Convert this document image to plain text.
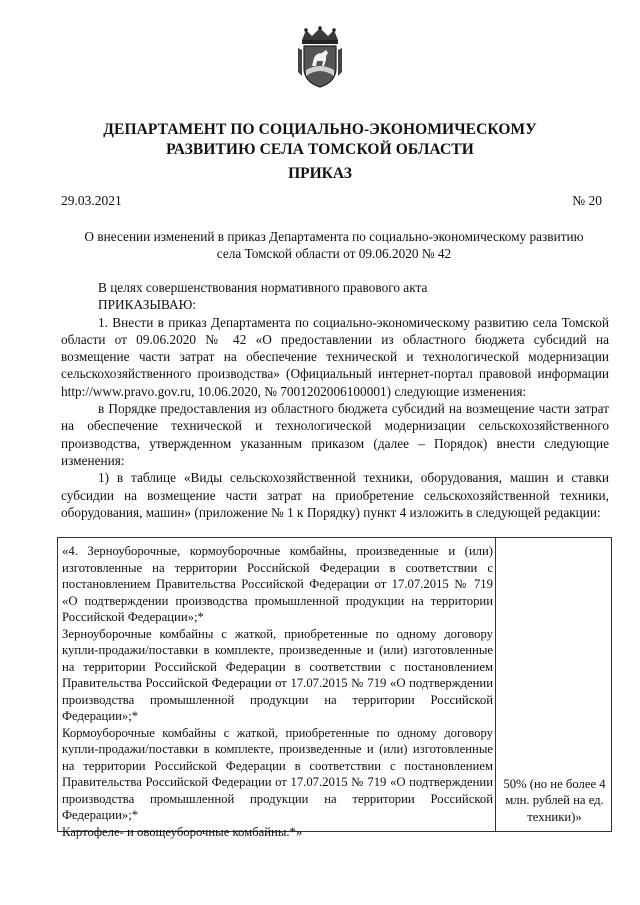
ДЕПАРТАМЕНТ ПО СОЦИАЛЬНО-ЭКОНОМИЧЕСКОМУ
РАЗВИТИЮ СЕЛА ТОМСКОЙ ОБЛАСТИ
ПРИКАЗ
29.03.2021	№ 20
О внесении изменений в приказ Департамента по социально-экономическому развитию села Томской области от 09.06.2020 № 42

В целях совершенствования нормативного правового акта

ПРИКАЗЫВАЮ:

1. Внести в приказ Департамента по социально-экономическому развитию села Томской области от 09.06.2020 № 42 «О предоставлении из областного бюджета субсидий на возмещение части затрат на обеспечение технической и технологической модернизации сельскохозяйственного производства» (Официальный интернет-портал правовой информации http://www.pravo.gov.ru, 10.06.2020, № 7001202006100001) следующие изменения:

в Порядке предоставления из областного бюджета субсидий на возмещение части затрат на обеспечение технической и технологической модернизации сельскохозяйственного производства, утвержденном указанным приказом (далее – Порядок) внести следующие изменения:

1) в таблице «Виды сельскохозяйственной техники, оборудования, машин и ставки субсидии на возмещение части затрат на приобретение сельскохозяйственной техники, оборудования, машин» (приложение № 1 к Порядку) пункт 4 изложить в следующей редакции:

«4. Зерноуборочные, кормоуборочные комбайны, произведенные и (или) изготовленные на территории Российской Федерации в соответствии с постановлением Правительства Российской Федерации от 17.07.2015 № 719 «О подтверждении производства промышленной продукции на территории Российской Федерации»;*

Зерноуборочные комбайны с жаткой, приобретенные по одному договору купли-продажи/поставки в комплекте, произведенные и (или) изготовленные на территории Российской Федерации в соответствии с постановлением Правительства Российской Федерации от 17.07.2015 № 719 «О подтверждении производства промышленной продукции на территории Российской Федерации»;*

Кормоуборочные комбайны с жаткой, приобретенные по одному договору купли-продажи/поставки в комплекте, произведенные и (или) изготовленные на территории Российской Федерации в соответствии с постановлением Правительства Российской Федерации от 17.07.2015 № 719 «О подтверждении производства промышленной продукции на территории Российской Федерации»;*

Картофеле- и овощеуборочные комбайны.*»

50% (но не более 4 млн. рублей на ед. техники)»
